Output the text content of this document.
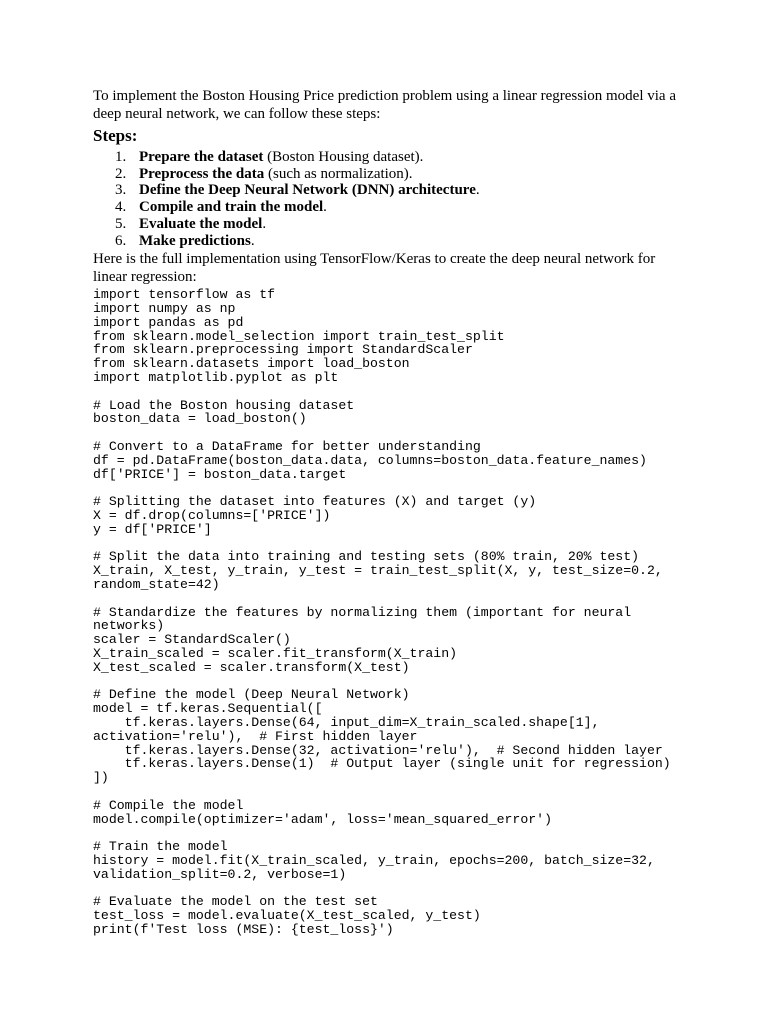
To implement the Boston Housing Price prediction problem using a linear regression model via a deep neural network, we can follow these steps:

Steps:
1. Prepare the dataset (Boston Housing dataset).
2. Preprocess the data (such as normalization).
3. Define the Deep Neural Network (DNN) architecture.
4. Compile and train the model.
5. Evaluate the model.
6. Make predictions.

Here is the full implementation using TensorFlow/Keras to create the deep neural network for linear regression:

import tensorflow as tf
import numpy as np
import pandas as pd
from sklearn.model_selection import train_test_split
from sklearn.preprocessing import StandardScaler
from sklearn.datasets import load_boston
import matplotlib.pyplot as plt

# Load the Boston housing dataset
boston_data = load_boston()

# Convert to a DataFrame for better understanding
df = pd.DataFrame(boston_data.data, columns=boston_data.feature_names)
df['PRICE'] = boston_data.target

# Splitting the dataset into features (X) and target (y)
X = df.drop(columns=['PRICE'])
y = df['PRICE']

# Split the data into training and testing sets (80% train, 20% test)
X_train, X_test, y_train, y_test = train_test_split(X, y, test_size=0.2,
random_state=42)

# Standardize the features by normalizing them (important for neural
networks)
scaler = StandardScaler()
X_train_scaled = scaler.fit_transform(X_train)
X_test_scaled = scaler.transform(X_test)

# Define the model (Deep Neural Network)
model = tf.keras.Sequential([
tf.keras.layers.Dense(64, input_dim=X_train_scaled.shape[1],
activation='relu'),  # First hidden layer
tf.keras.layers.Dense(32, activation='relu'),  # Second hidden layer
tf.keras.layers.Dense(1)  # Output layer (single unit for regression)
])

# Compile the model
model.compile(optimizer='adam', loss='mean_squared_error')

# Train the model
history = model.fit(X_train_scaled, y_train, epochs=200, batch_size=32,
validation_split=0.2, verbose=1)

# Evaluate the model on the test set
test_loss = model.evaluate(X_test_scaled, y_test)
print(f'Test loss (MSE): {test_loss}')
